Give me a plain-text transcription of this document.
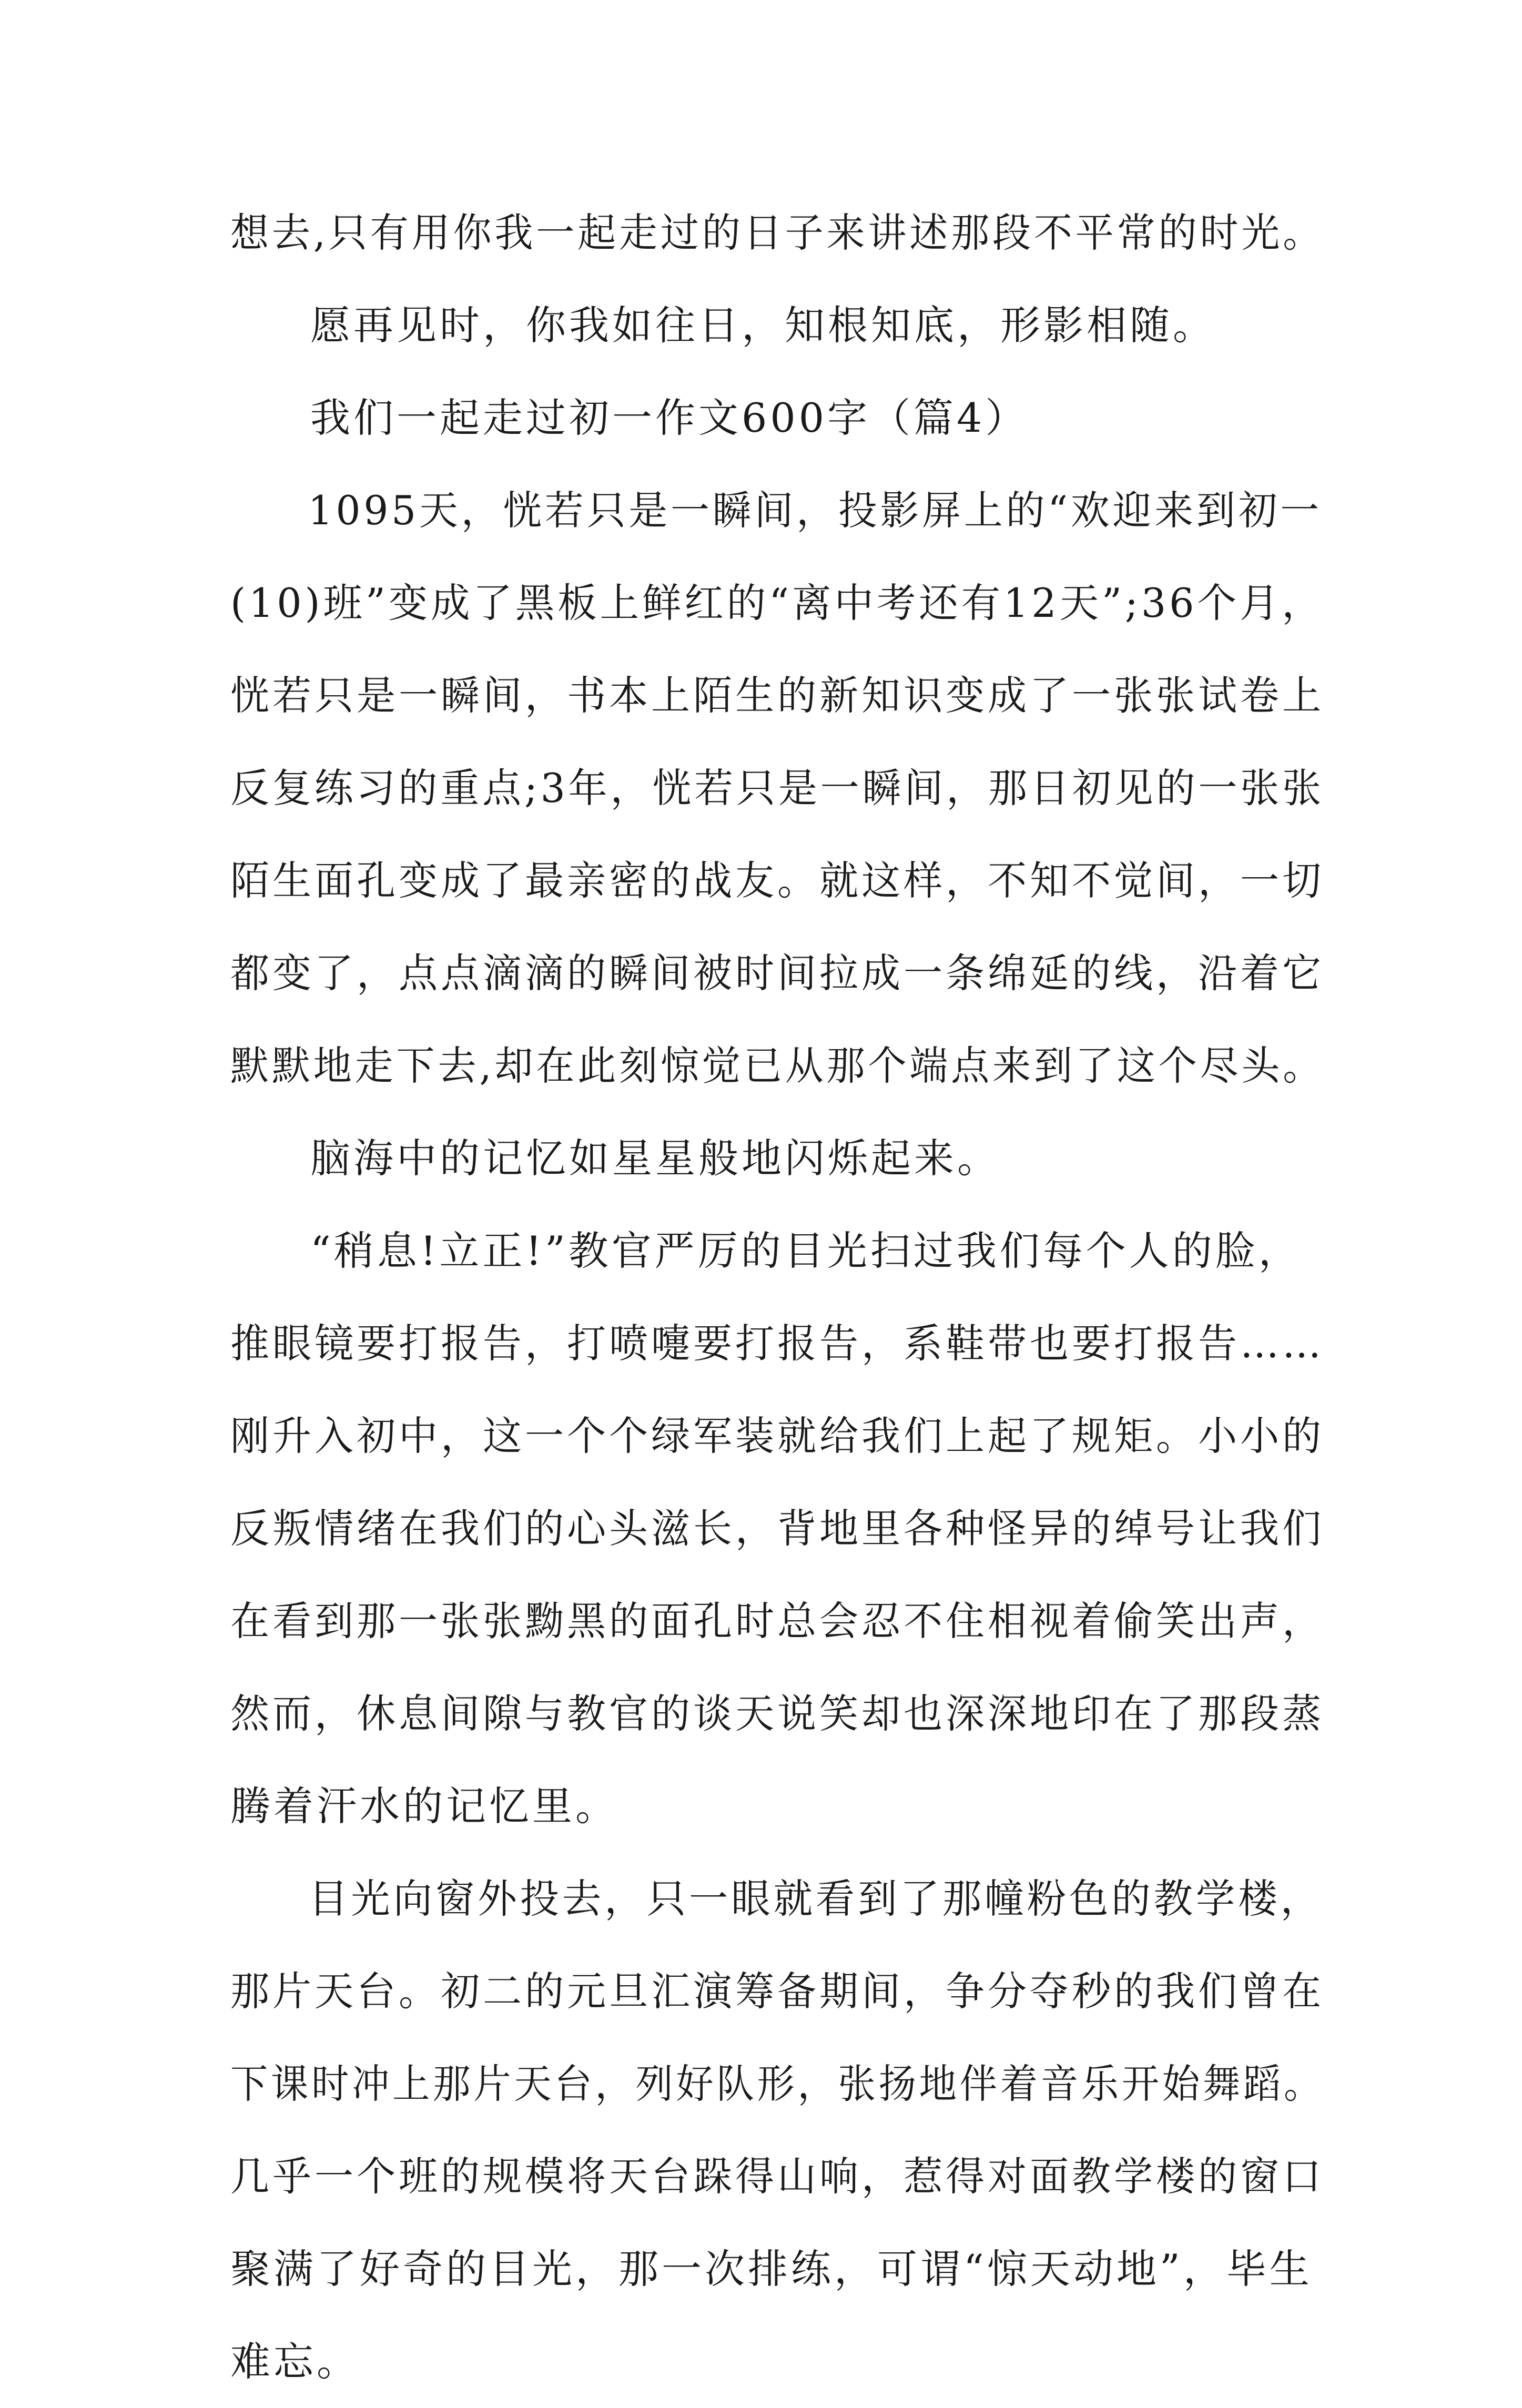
想去,只有用你我一起走过的日子来讲述那段不平常的时光。
愿再见时，你我如往日，知根知底，形影相随。
我们一起走过初一作文600字（篇4）
1095天，恍若只是一瞬间，投影屏上的“欢迎来到初一
(10)班”变成了黑板上鲜红的“离中考还有12天”;36个月，
恍若只是一瞬间，书本上陌生的新知识变成了一张张试卷上
反复练习的重点;3年，恍若只是一瞬间，那日初见的一张张
陌生面孔变成了最亲密的战友。就这样，不知不觉间，一切
都变了，点点滴滴的瞬间被时间拉成一条绵延的线，沿着它
默默地走下去,却在此刻惊觉已从那个端点来到了这个尽头。
脑海中的记忆如星星般地闪烁起来。
“稍息!立正!”教官严厉的目光扫过我们每个人的脸，
推眼镜要打报告，打喷嚏要打报告，系鞋带也要打报告……
刚升入初中，这一个个绿军装就给我们上起了规矩。小小的
反叛情绪在我们的心头滋长，背地里各种怪异的绰号让我们
在看到那一张张黝黑的面孔时总会忍不住相视着偷笑出声，
然而，休息间隙与教官的谈天说笑却也深深地印在了那段蒸
腾着汗水的记忆里。
目光向窗外投去，只一眼就看到了那幢粉色的教学楼，
那片天台。初二的元旦汇演筹备期间，争分夺秒的我们曾在
下课时冲上那片天台，列好队形，张扬地伴着音乐开始舞蹈。
几乎一个班的规模将天台跺得山响，惹得对面教学楼的窗口
聚满了好奇的目光，那一次排练，可谓“惊天动地”，毕生
难忘。
